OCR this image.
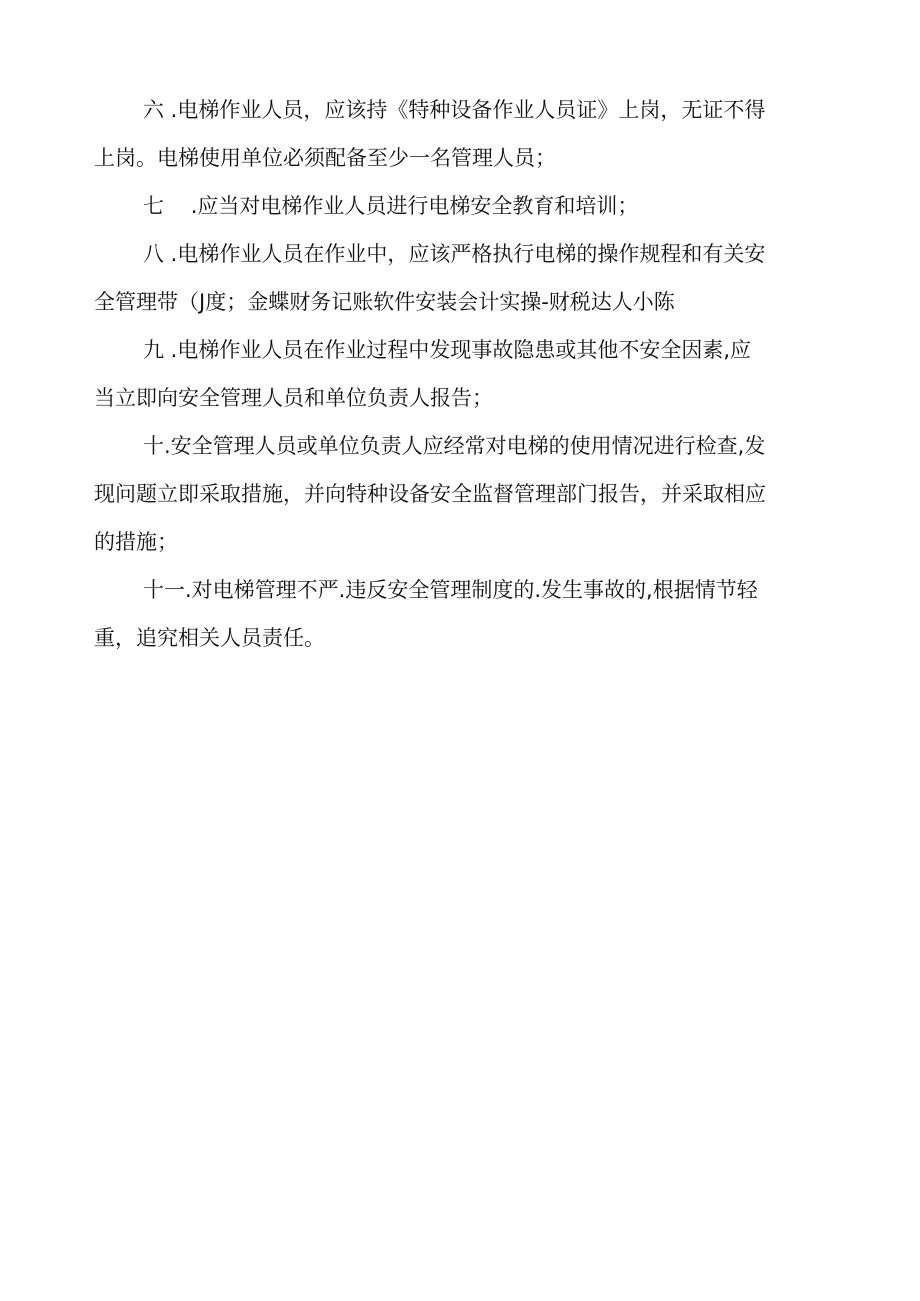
六 .电梯作业人员，应该持《特种设备作业人员证》上岗，无证不得
上岗。电梯使用单位必须配备至少一名管理人员；

七    .应当对电梯作业人员进行电梯安全教育和培训；

八 .电梯作业人员在作业中，应该严格执行电梯的操作规程和有关安
全管理带（J度；金蝶财务记账软件安装会计实操-财税达人小陈

九 .电梯作业人员在作业过程中发现事故隐患或其他不安全因素,应
当立即向安全管理人员和单位负责人报告；

十.安全管理人员或单位负责人应经常对电梯的使用情况进行检查,发
现问题立即采取措施，并向特种设备安全监督管理部门报告，并采取相应
的措施；

十一.对电梯管理不严.违反安全管理制度的.发生事故的,根据情节轻
重，追究相关人员责任。
